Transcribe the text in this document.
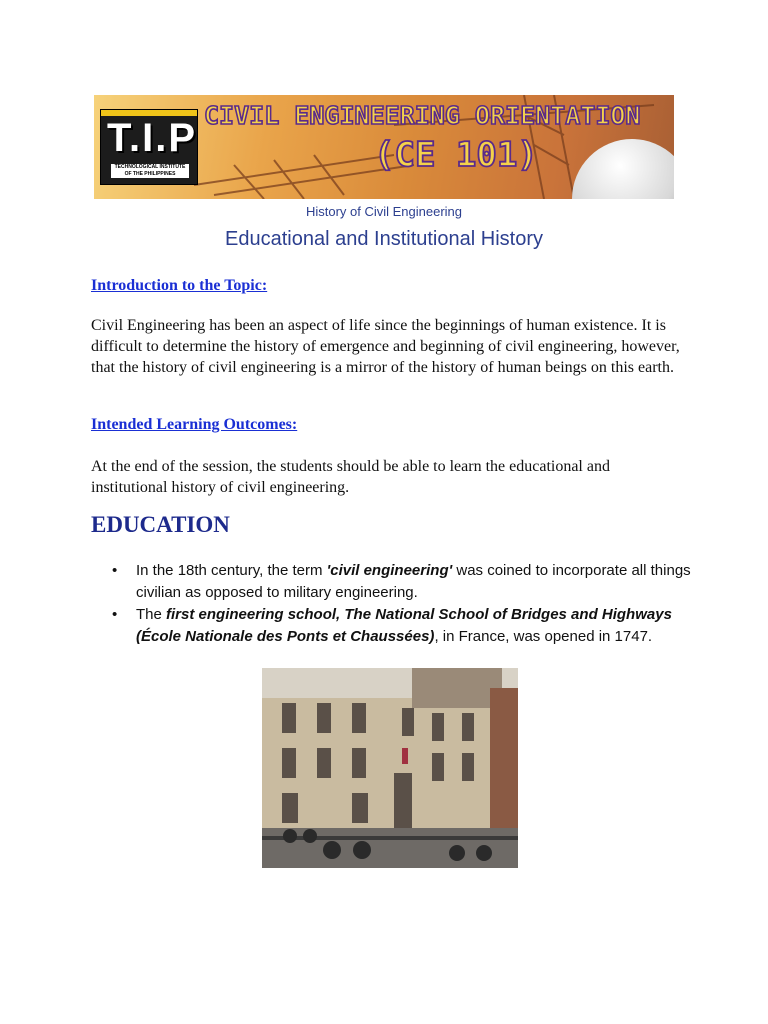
T.I.P
TECHNOLOGICAL INSTITUTE OF THE PHILIPPINES
CIVIL ENGINEERING ORIENTATION
(CE 101)
History of Civil Engineering
Educational and Institutional History
Introduction to the Topic:
Civil Engineering has been an aspect of life since the beginnings of human existence. It is difficult to determine the history of emergence and beginning of civil engineering, however, that the history of civil engineering is a mirror of the history of human beings on this earth.
Intended Learning Outcomes:
At the end of the session, the students should be able to learn the educational and institutional history of civil engineering.
EDUCATION
• In the 18th century, the term 'civil engineering' was coined to incorporate all things civilian as opposed to military engineering.
• The first engineering school, The National School of Bridges and Highways (École Nationale des Ponts et Chaussées), in France, was opened in 1747.
